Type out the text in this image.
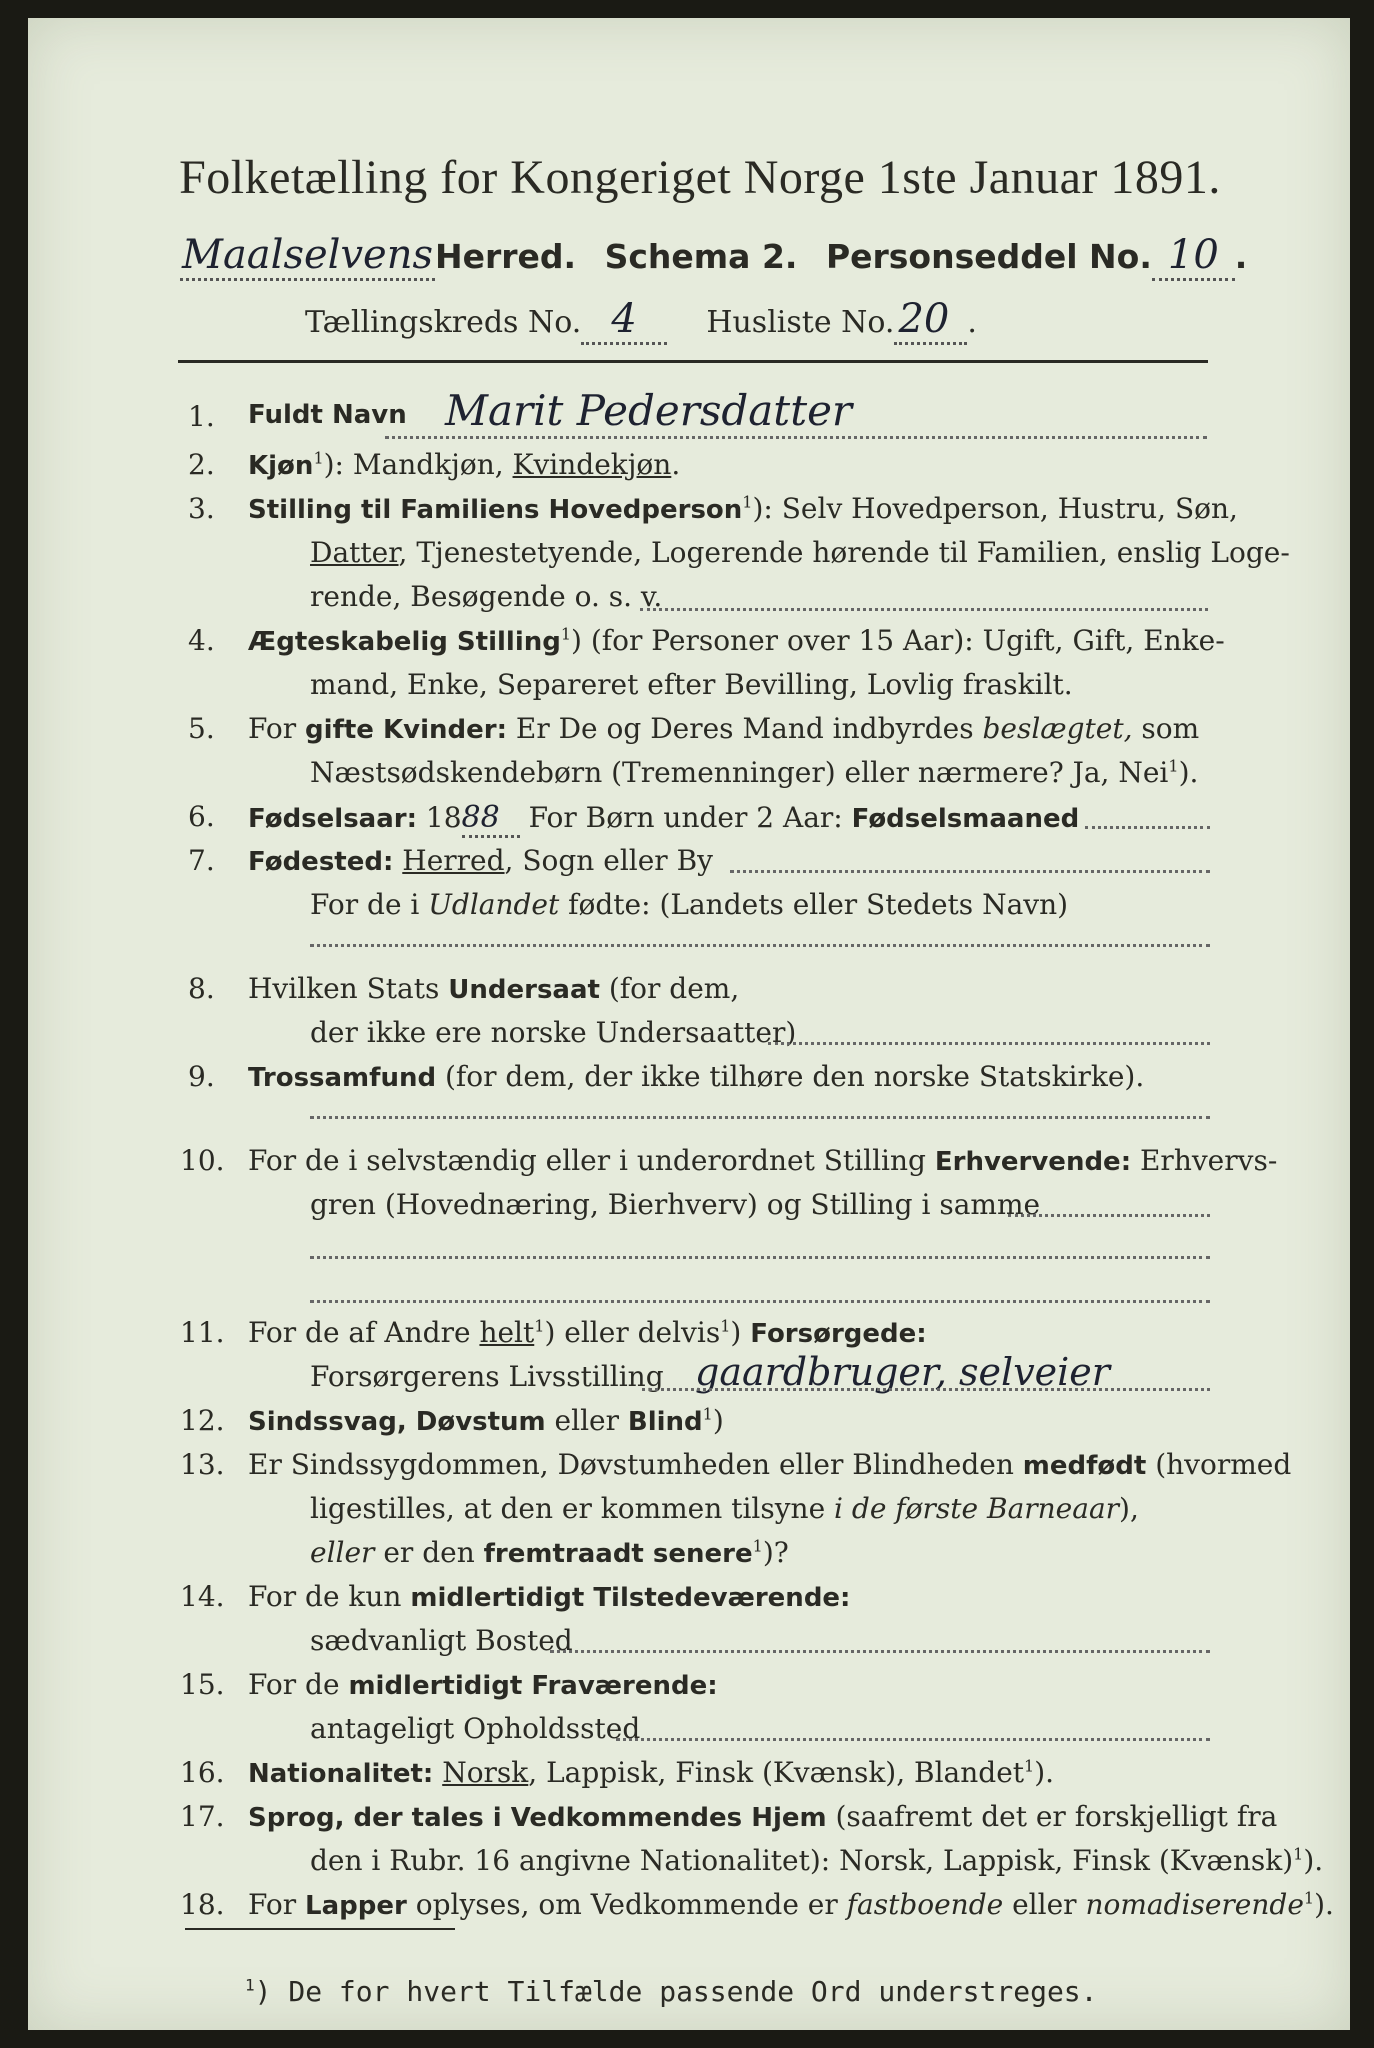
Folketælling for Kongeriget Norge 1ste Januar 1891.
MaalselvensHerred. Schema 2. Personseddel No. 10 .
Tællingskreds No. 4 Husliste No. 20 .
1.	Fuldt Navn Marit Pedersdatter
2.	Kjøn$^1$): Mandkjøn, Kvindekjøn.
3.	Stilling til Familiens Hovedperson$^1$): Selv Hovedperson, Hustru, Søn,
Datter, Tjenestetyende, Logerende hørende til Familien, enslig Loge-
rende, Besøgende o. s. v.
4.	Ægteskabelig Stilling$^1$) (for Personer over 15 Aar): Ugift, Gift, Enke-
mand, Enke, Separeret efter Bevilling, Lovlig fraskilt.
5.	For gifte Kvinder: Er De og Deres Mand indbyrdes beslægtet, som
Næstsødskendebørn (Tremenninger) eller nærmere? Ja, Nei$^1$).
6.	Fødselsaar: 1888 For Børn under 2 Aar: Fødselsmaaned
7.	Fødested: Herred, Sogn eller By
For de i Udlandet fødte: (Landets eller Stedets Navn)
8.	Hvilken Stats Undersaat (for dem,
der ikke ere norske Undersaatter)
9.	Trossamfund (for dem, der ikke tilhøre den norske Statskirke).
10. For de i selvstændig eller i underordnet Stilling Erhvervende: Erhvervs-
gren (Hovednæring, Bierhverv) og Stilling i samme
11. For de af Andre helt$^1$) eller delvis$^1$) Forsørgede:
Forsørgerens Livsstilling gaardbruger, selveier
12. Sindssvag, Døvstum eller Blind$^1$)
13. Er Sindssygdommen, Døvstumheden eller Blindheden medfødt (hvormed
ligestilles, at den er kommen tilsyne i de første Barneaar),
eller er den fremtraadt senere$^1$)?
14. For de kun midlertidigt Tilstedeværende:
sædvanligt Bosted
15. For de midlertidigt Fraværende:
antageligt Opholdssted
16. Nationalitet: Norsk, Lappisk, Finsk (Kvænsk), Blandet$^1$).
17. Sprog, der tales i Vedkommendes Hjem (saafremt det er forskjelligt fra
den i Rubr. 16 angivne Nationalitet): Norsk, Lappisk, Finsk (Kvænsk)$^1$).
18. For Lapper oplyses, om Vedkommende er fastboende eller nomadiserende$^1$).
$^1$) De for hvert Tilfælde passende Ord understreges.
